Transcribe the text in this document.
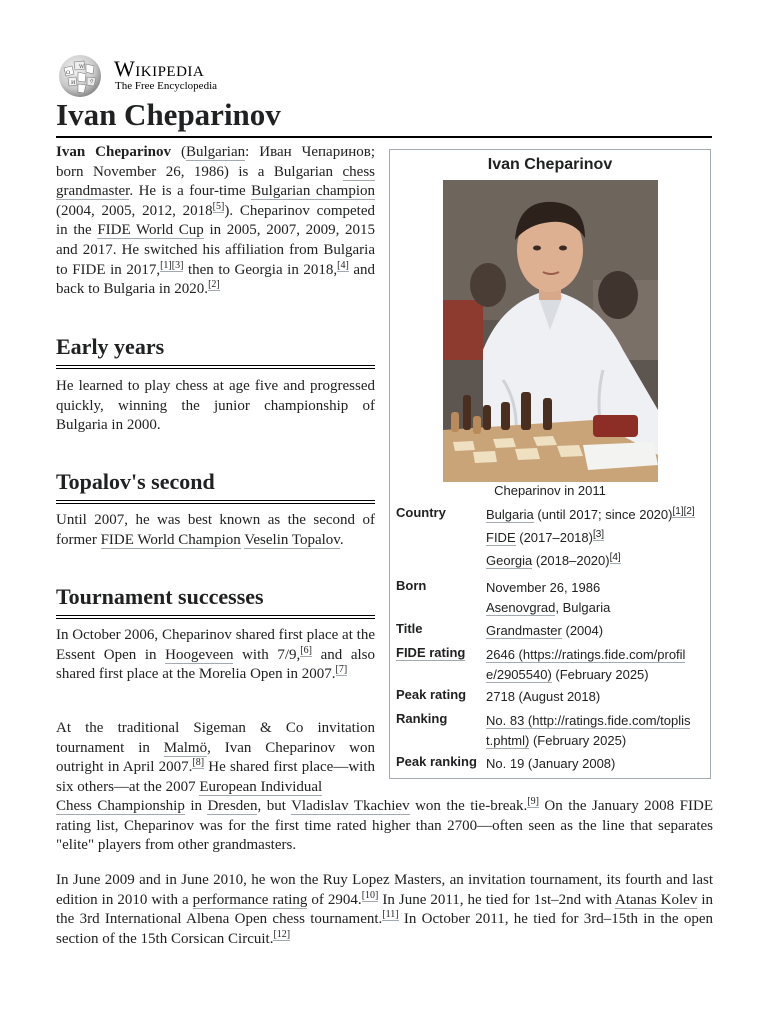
Ω
W
И	ウ
Wikipedia
The Free Encyclopedia
Ivan Cheparinov

Ivan Cheparinov (Bulgarian: Иван Чепаринов; born November 26, 1986) is a Bulgarian chess grandmaster. He is a four-time Bulgarian champion (2004, 2005, 2012, 2018[5]). Cheparinov competed in the FIDE World Cup in 2005, 2007, 2009, 2015 and 2017. He switched his affiliation from Bulgaria to FIDE in 2017,[1][3] then to Georgia in 2018,[4] and back to Bulgaria in 2020.[2]

Early years

He learned to play chess at age five and progressed quickly, winning the junior championship of Bulgaria in 2000.

Topalov's second

Until 2007, he was best known as the second of former FIDE World Champion Veselin Topalov.

Tournament successes

In October 2006, Cheparinov shared first place at the Essent Open in Hoogeveen with 7/9,[6] and also shared first place at the Morelia Open in 2007.[7]

At the traditional Sigeman & Co invitation tournament in Malmö, Ivan Cheparinov won outright in April 2007.[8] He shared first place—with six others—at the 2007 European Individual

Chess Championship in Dresden, but Vladislav Tkachiev won the tie-break.[9] On the January 2008 FIDE rating list, Cheparinov was for the first time rated higher than 2700—often seen as the line that separates "elite" players from other grandmasters.

In June 2009 and in June 2010, he won the Ruy Lopez Masters, an invitation tournament, its fourth and last edition in 2010 with a performance rating of 2904.[10] In June 2011, he tied for 1st–2nd with Atanas Kolev in the 3rd International Albena Open chess tournament.[11] In October 2011, he tied for 3rd–15th in the open section of the 15th Corsican Circuit.[12]

Ivan Cheparinov
Cheparinov in 2011
Country	Bulgaria (until 2017; since 2020)[1][2]
FIDE (2017–2018)[3]
Georgia (2018–2020)[4]
Born	November 26, 1986
Asenovgrad, Bulgaria
Title	Grandmaster (2004)
FIDE rating	2646 (https://ratings.fide.com/profil
e/2905540) (February 2025)
Peak rating	2718 (August 2018)
Ranking	No. 83 (http://ratings.fide.com/toplis
t.phtml) (February 2025)
Peak ranking No. 19 (January 2008)
